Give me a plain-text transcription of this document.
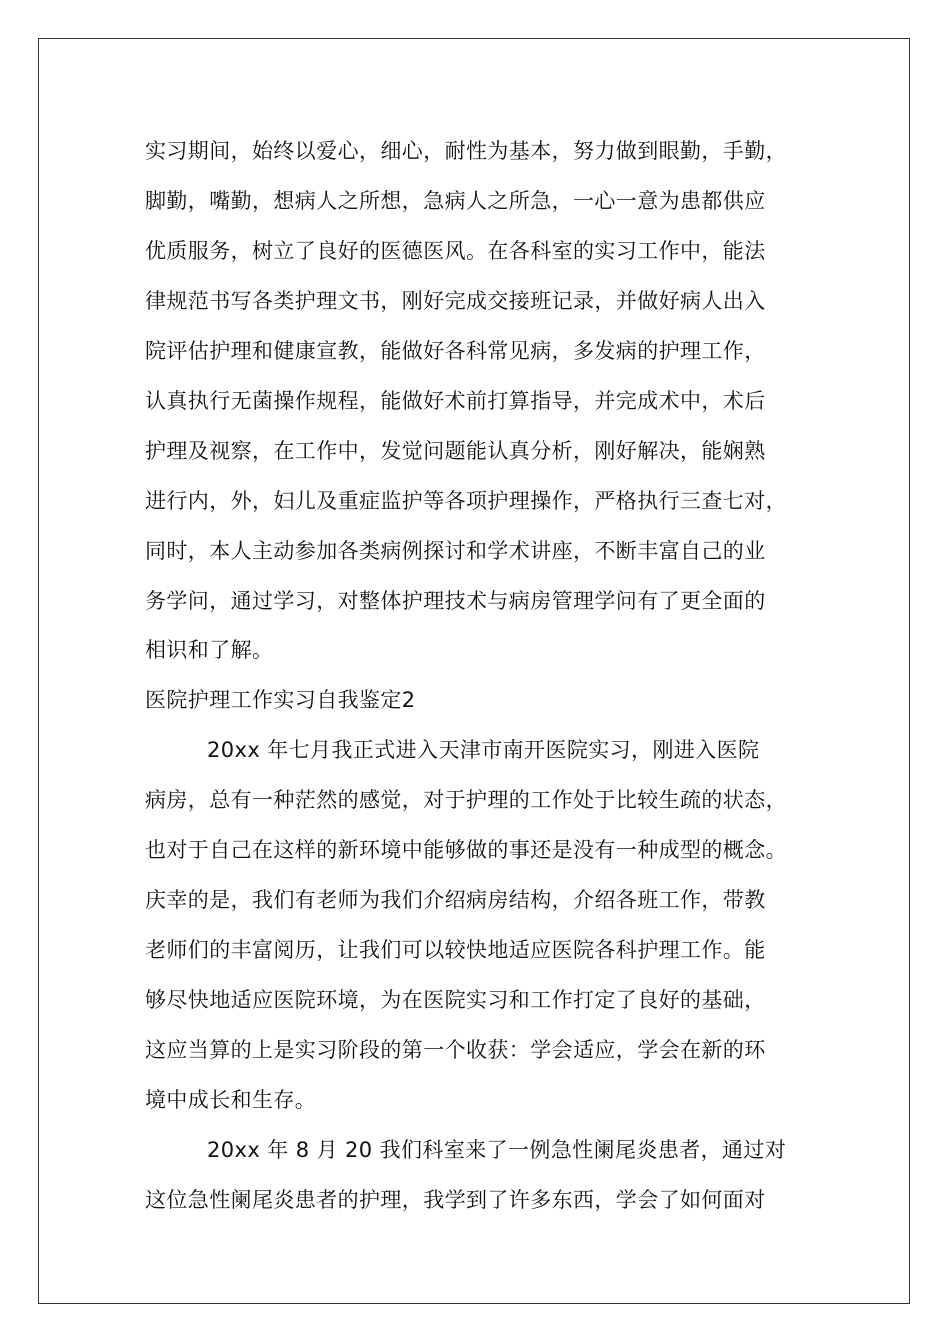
实习期间，始终以爱心，细心，耐性为基本，努力做到眼勤，手勤，
脚勤，嘴勤，想病人之所想，急病人之所急，一心一意为患都供应
优质服务，树立了良好的医德医风。在各科室的实习工作中，能法
律规范书写各类护理文书，刚好完成交接班记录，并做好病人出入
院评估护理和健康宣教，能做好各科常见病，多发病的护理工作，
认真执行无菌操作规程，能做好术前打算指导，并完成术中，术后
护理及视察，在工作中，发觉问题能认真分析，刚好解决，能娴熟
进行内，外，妇儿及重症监护等各项护理操作，严格执行三查七对，
同时，本人主动参加各类病例探讨和学术讲座，不断丰富自己的业
务学问，通过学习，对整体护理技术与病房管理学问有了更全面的
相识和了解。
医院护理工作实习自我鉴定2
20xx 年七月我正式进入天津市南开医院实习，刚进入医院
病房，总有一种茫然的感觉，对于护理的工作处于比较生疏的状态，
也对于自己在这样的新环境中能够做的事还是没有一种成型的概念。
庆幸的是，我们有老师为我们介绍病房结构，介绍各班工作，带教
老师们的丰富阅历，让我们可以较快地适应医院各科护理工作。能
够尽快地适应医院环境，为在医院实习和工作打定了良好的基础，
这应当算的上是实习阶段的第一个收获：学会适应，学会在新的环
境中成长和生存。
20xx 年 8 月 20 我们科室来了一例急性阑尾炎患者，通过对
这位急性阑尾炎患者的护理，我学到了许多东西，学会了如何面对
